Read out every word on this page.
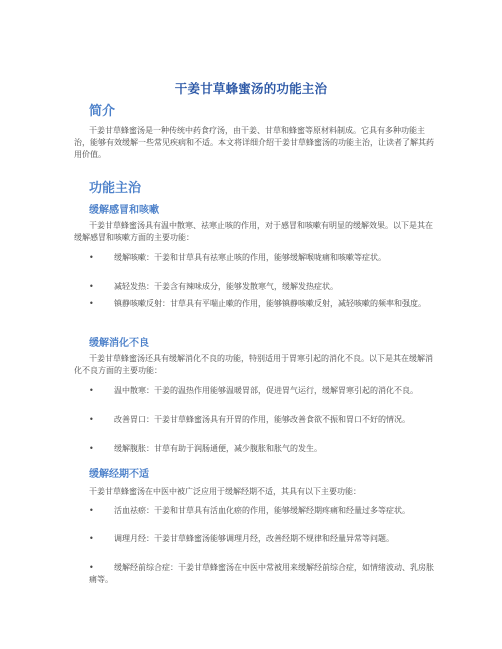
干姜甘草蜂蜜汤的功能主治
简介
干姜甘草蜂蜜汤是一种传统中药食疗汤，由干姜、甘草和蜂蜜等原材料制成。它具有多种功能主治，能够有效缓解一些常见疾病和不适。本文将详细介绍干姜甘草蜂蜜汤的功能主治，让读者了解其药用价值。
功能主治
缓解感冒和咳嗽
干姜甘草蜂蜜汤具有温中散寒、祛寒止咳的作用，对于感冒和咳嗽有明显的缓解效果。以下是其在缓解感冒和咳嗽方面的主要功能：
•	缓解咳嗽：干姜和甘草具有祛寒止咳的作用，能够缓解喉咙痛和咳嗽等症状。
•	减轻发热：干姜含有辣味成分，能够发散寒气，缓解发热症状。
•	镇静咳嗽反射：甘草具有平喘止嗽的作用，能够镇静咳嗽反射，减轻咳嗽的频率和强度。
缓解消化不良
干姜甘草蜂蜜汤还具有缓解消化不良的功能，特别适用于胃寒引起的消化不良。以下是其在缓解消化不良方面的主要功能：
•	温中散寒：干姜的温热作用能够温暖胃部，促进胃气运行，缓解胃寒引起的消化不良。
•	改善胃口：干姜甘草蜂蜜汤具有开胃的作用，能够改善食欲不振和胃口不好的情况。
•	缓解腹胀：甘草有助于润肠通便，减少腹胀和胀气的发生。
缓解经期不适
干姜甘草蜂蜜汤在中医中被广泛应用于缓解经期不适，其具有以下主要功能：
•	活血祛瘀：干姜和甘草具有活血化瘀的作用，能够缓解经期疼痛和经量过多等症状。
•	调理月经：干姜甘草蜂蜜汤能够调理月经，改善经期不规律和经量异常等问题。
•	缓解经前综合症：干姜甘草蜂蜜汤在中医中常被用来缓解经前综合症，如情绪波动、乳房胀痛等。
